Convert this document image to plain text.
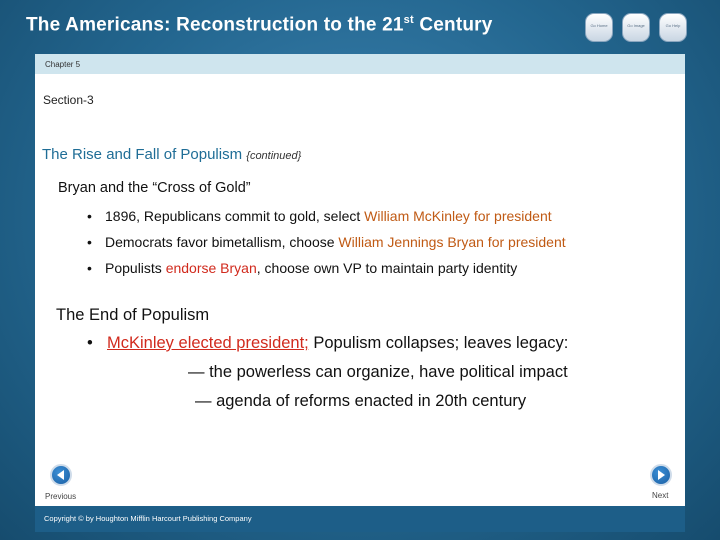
The Americans: Reconstruction to the 21st Century	Go Home	Go Image	Go Help
Chapter 5
Section-3
The Rise and Fall of Populism {continued}
Bryan and the “Cross of Gold”
• 1896, Republicans commit to gold, select William McKinley for president
• Democrats favor bimetallism, choose William Jennings Bryan for president
• Populists endorse Bryan, choose own VP to maintain party identity
The End of Populism
• McKinley elected president; Populism collapses; leaves legacy:
— the powerless can organize, have political impact
— agenda of reforms enacted in 20th century
Previous	Next
Copyright © by Houghton Mifflin Harcourt Publishing Company
